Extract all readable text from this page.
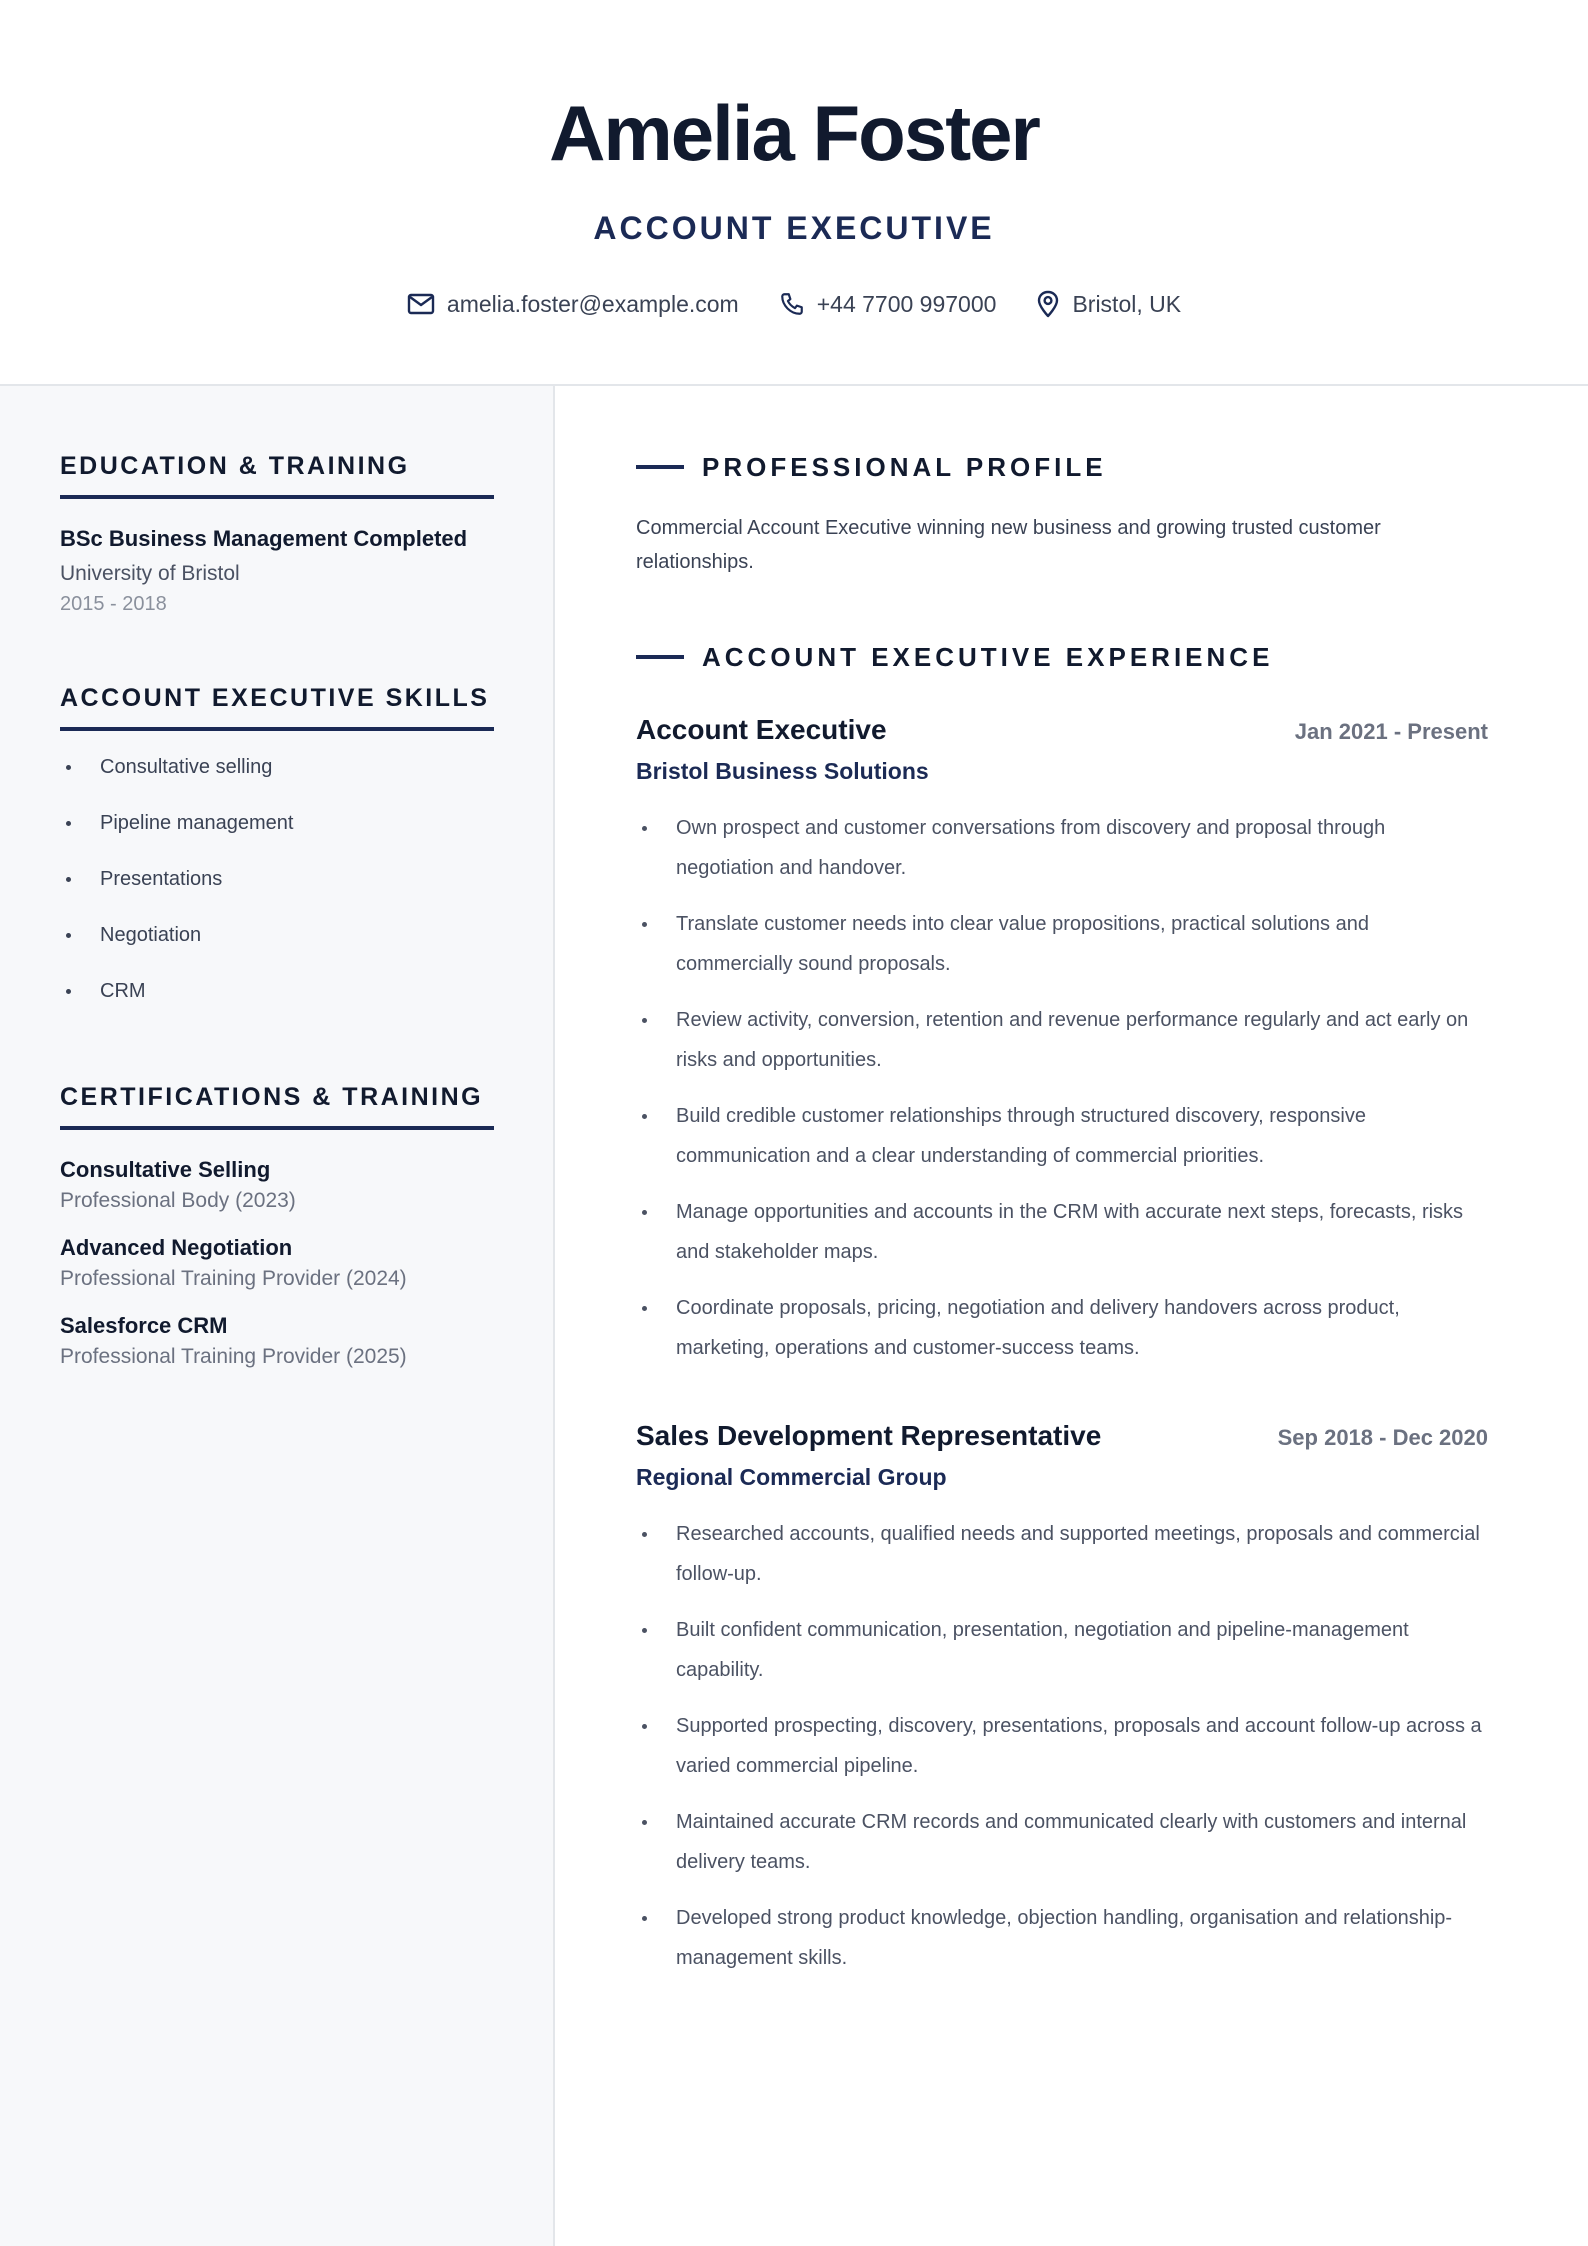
Amelia Foster
ACCOUNT EXECUTIVE
amelia.foster@example.com	+44 7700 997000	Bristol, UK
EDUCATION & TRAINING
BSc Business Management Completed
University of Bristol
2015 - 2018
ACCOUNT EXECUTIVE SKILLS
Consultative selling
Pipeline management
Presentations
Negotiation
CRM
CERTIFICATIONS & TRAINING
Consultative Selling
Professional Body (2023)
Advanced Negotiation
Professional Training Provider (2024)
Salesforce CRM
Professional Training Provider (2025)
PROFESSIONAL PROFILE
Commercial Account Executive winning new business and growing trusted customer relationships.
ACCOUNT EXECUTIVE EXPERIENCE
Account Executive	Jan 2021 - Present
Bristol Business Solutions
Own prospect and customer conversations from discovery and proposal through negotiation and handover.
Translate customer needs into clear value propositions, practical solutions and commercially sound proposals.
Review activity, conversion, retention and revenue performance regularly and act early on risks and opportunities.
Build credible customer relationships through structured discovery, responsive communication and a clear understanding of commercial priorities.
Manage opportunities and accounts in the CRM with accurate next steps, forecasts, risks and stakeholder maps.
Coordinate proposals, pricing, negotiation and delivery handovers across product, marketing, operations and customer-success teams.
Sales Development Representative	Sep 2018 - Dec 2020
Regional Commercial Group
Researched accounts, qualified needs and supported meetings, proposals and commercial follow-up.
Built confident communication, presentation, negotiation and pipeline-management capability.
Supported prospecting, discovery, presentations, proposals and account follow-up across a varied commercial pipeline.
Maintained accurate CRM records and communicated clearly with customers and internal delivery teams.
Developed strong product knowledge, objection handling, organisation and relationship-management skills.
